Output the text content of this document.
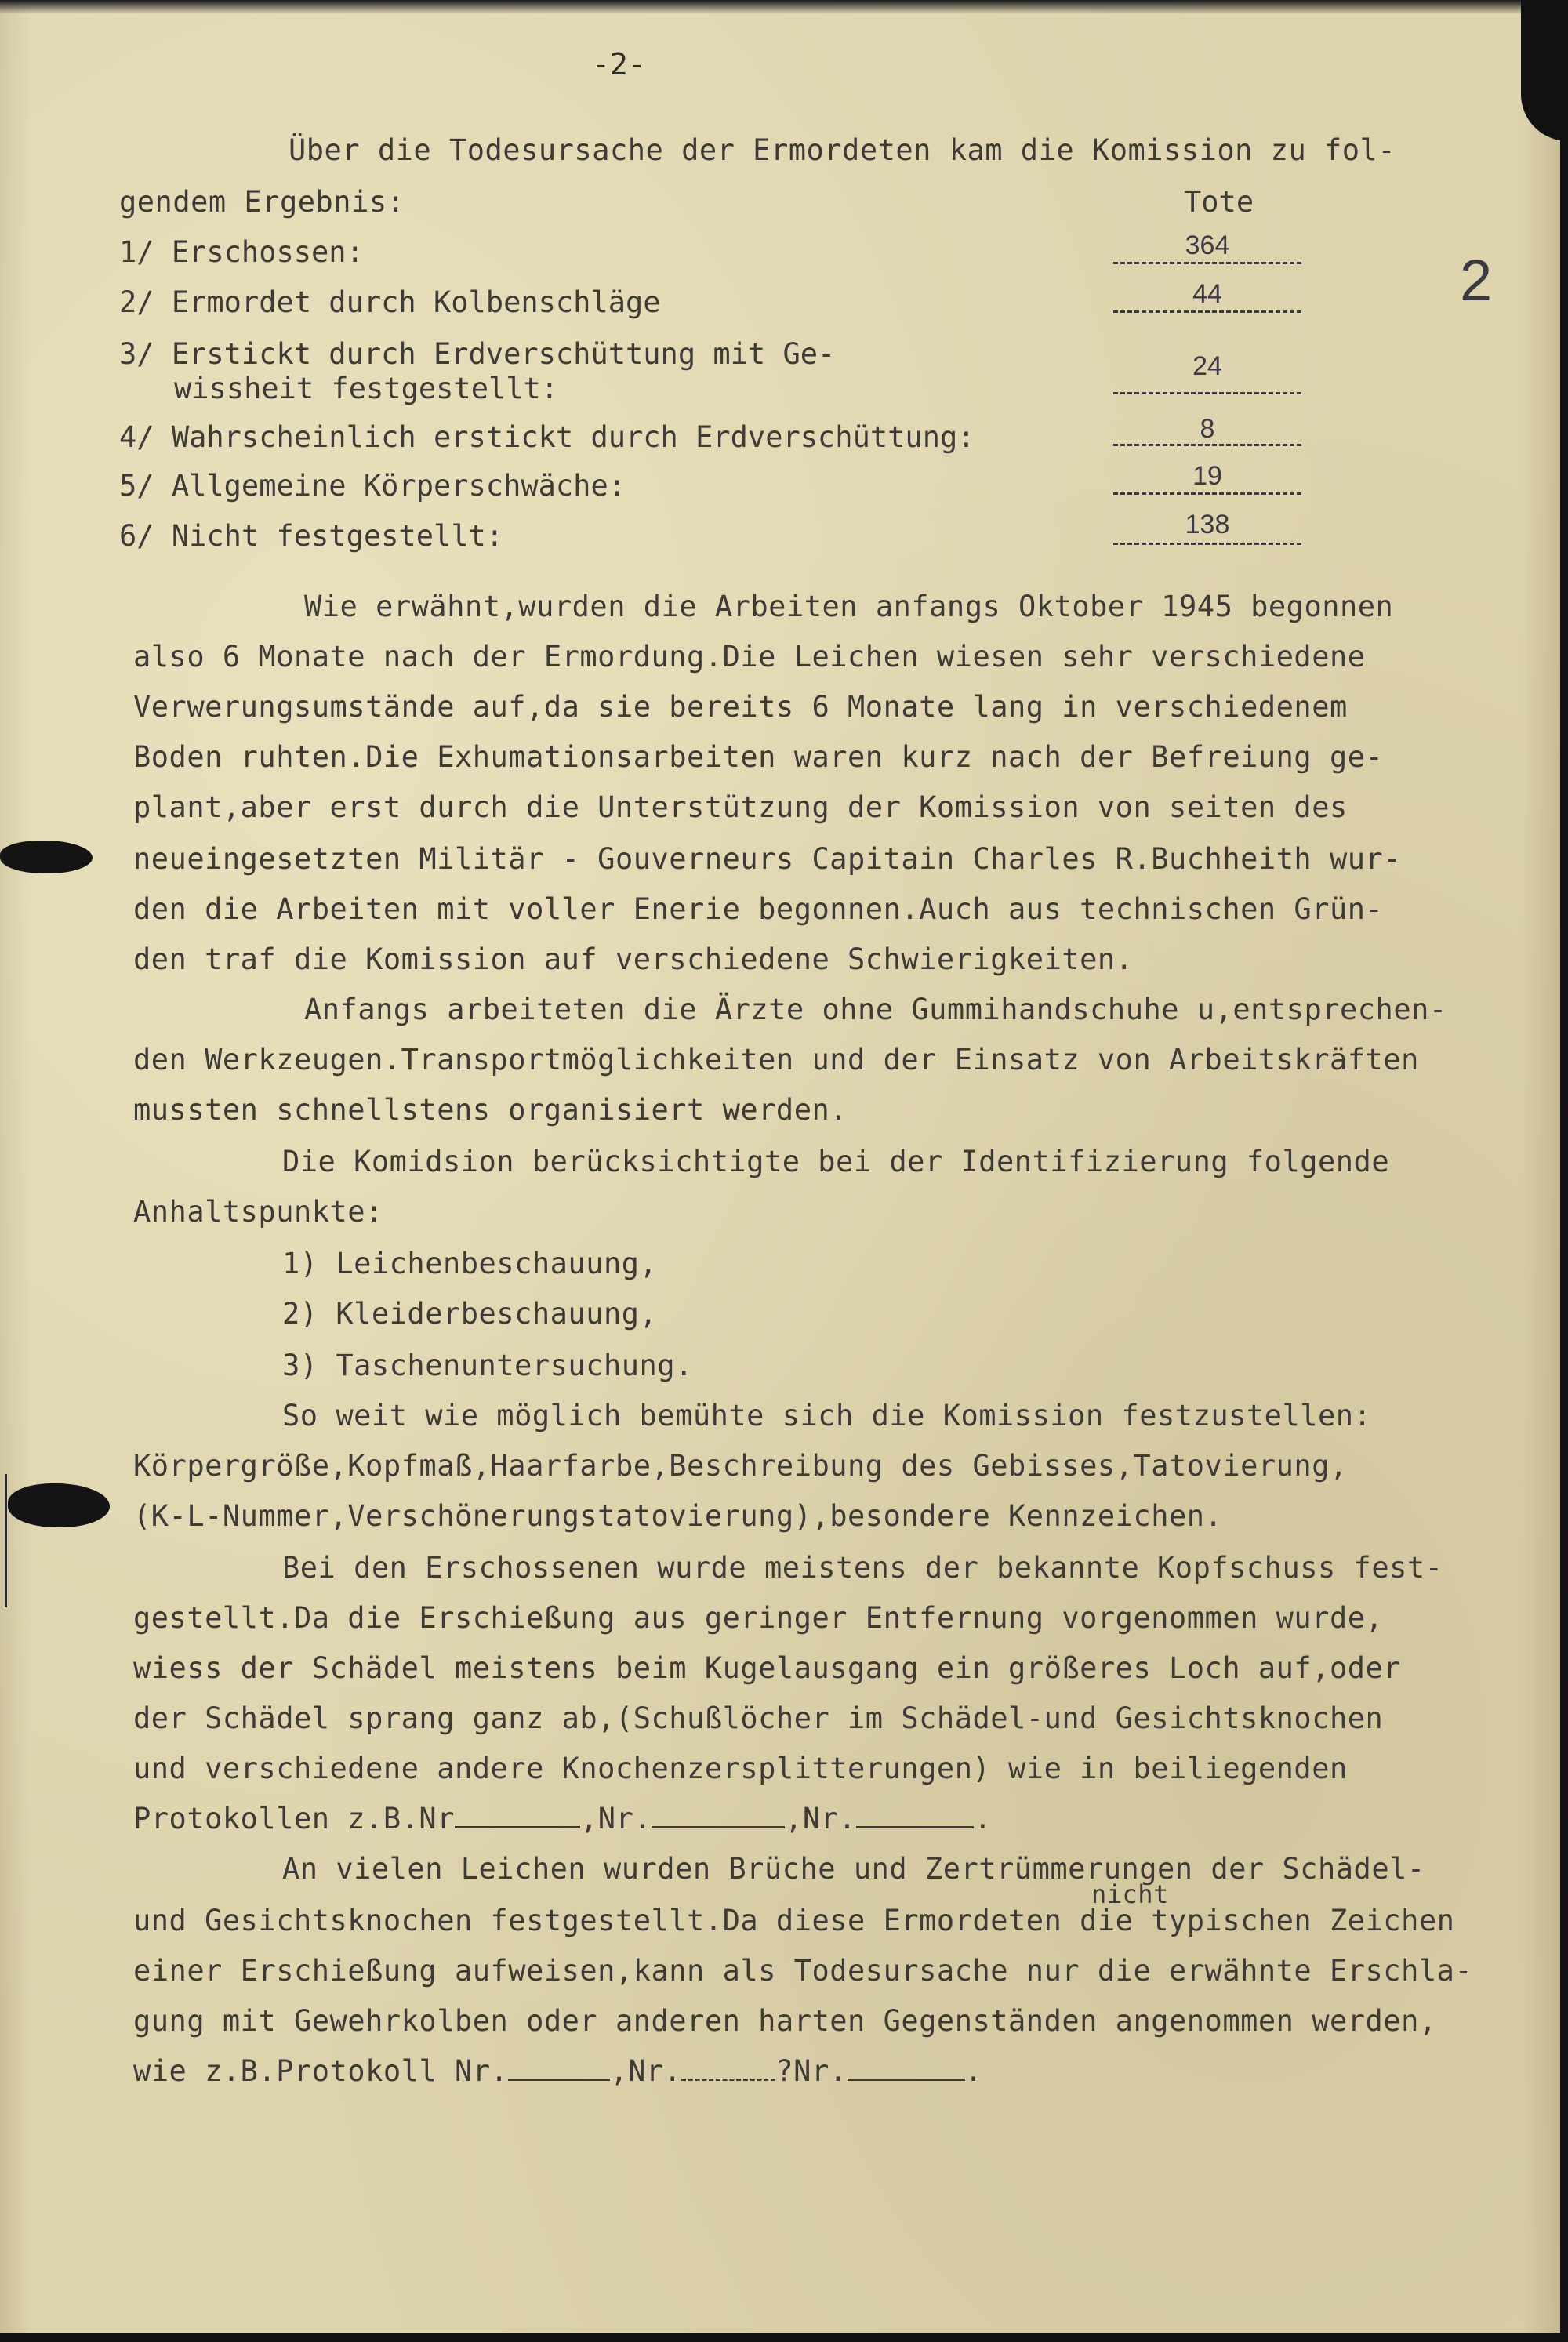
-2-
2
Über die Todesursache der Ermordeten kam die Komission zu fol-
gendem Ergebnis:	Tote
1/ Erschossen:	364
2/ Ermordet durch Kolbenschläge	44
3/ Erstickt durch Erdverschüttung mit Ge-
wissheit festgestellt:
24
4/ Wahrscheinlich erstickt durch Erdverschüttung:	8
5/ Allgemeine Körperschwäche:	19
6/ Nicht festgestellt:	138
Wie erwähnt,wurden die Arbeiten anfangs Oktober 1945 begonnen
also 6 Monate nach der Ermordung.Die Leichen wiesen sehr verschiedene
Verwerungsumstände auf,da sie bereits 6 Monate lang in verschiedenem
Boden ruhten.Die Exhumationsarbeiten waren kurz nach der Befreiung ge-
plant,aber erst durch die Unterstützung der Komission von seiten des
neueingesetzten Militär - Gouverneurs Capitain Charles R.Buchheith wur-
den die Arbeiten mit voller Enerie begonnen.Auch aus technischen Grün-
den traf die Komission auf verschiedene Schwierigkeiten.
Anfangs arbeiteten die Ärzte ohne Gummihandschuhe u,entsprechen-
den Werkzeugen.Transportmöglichkeiten und der Einsatz von Arbeitskräften
mussten schnellstens organisiert werden.
Die Komidsion berücksichtigte bei der Identifizierung folgende
Anhaltspunkte:
1) Leichenbeschauung,
2) Kleiderbeschauung,
3) Taschenuntersuchung.
So weit wie möglich bemühte sich die Komission festzustellen:
Körpergröße,Kopfmaß,Haarfarbe,Beschreibung des Gebisses,Tatovierung,
(K-L-Nummer,Verschönerungstatovierung),besondere Kennzeichen.
Bei den Erschossenen wurde meistens der bekannte Kopfschuss fest-
gestellt.Da die Erschießung aus geringer Entfernung vorgenommen wurde,
wiess der Schädel meistens beim Kugelausgang ein größeres Loch auf,oder
der Schädel sprang ganz ab,(Schußlöcher im Schädel-und Gesichtsknochen
und verschiedene andere Knochenzersplitterungen) wie in beiliegenden
Protokollen z.B.Nr	,Nr.	,Nr.	.
An vielen Leichen wurden Brüche und Zertrümmerungen der Schädel-
nicht
und Gesichtsknochen festgestellt.Da diese Ermordeten die typischen Zeichen
einer Erschießung aufweisen,kann als Todesursache nur die erwähnte Erschla-
gung mit Gewehrkolben oder anderen harten Gegenständen angenommen werden,
wie z.B.Protokoll Nr.	,Nr.	?Nr.	.
